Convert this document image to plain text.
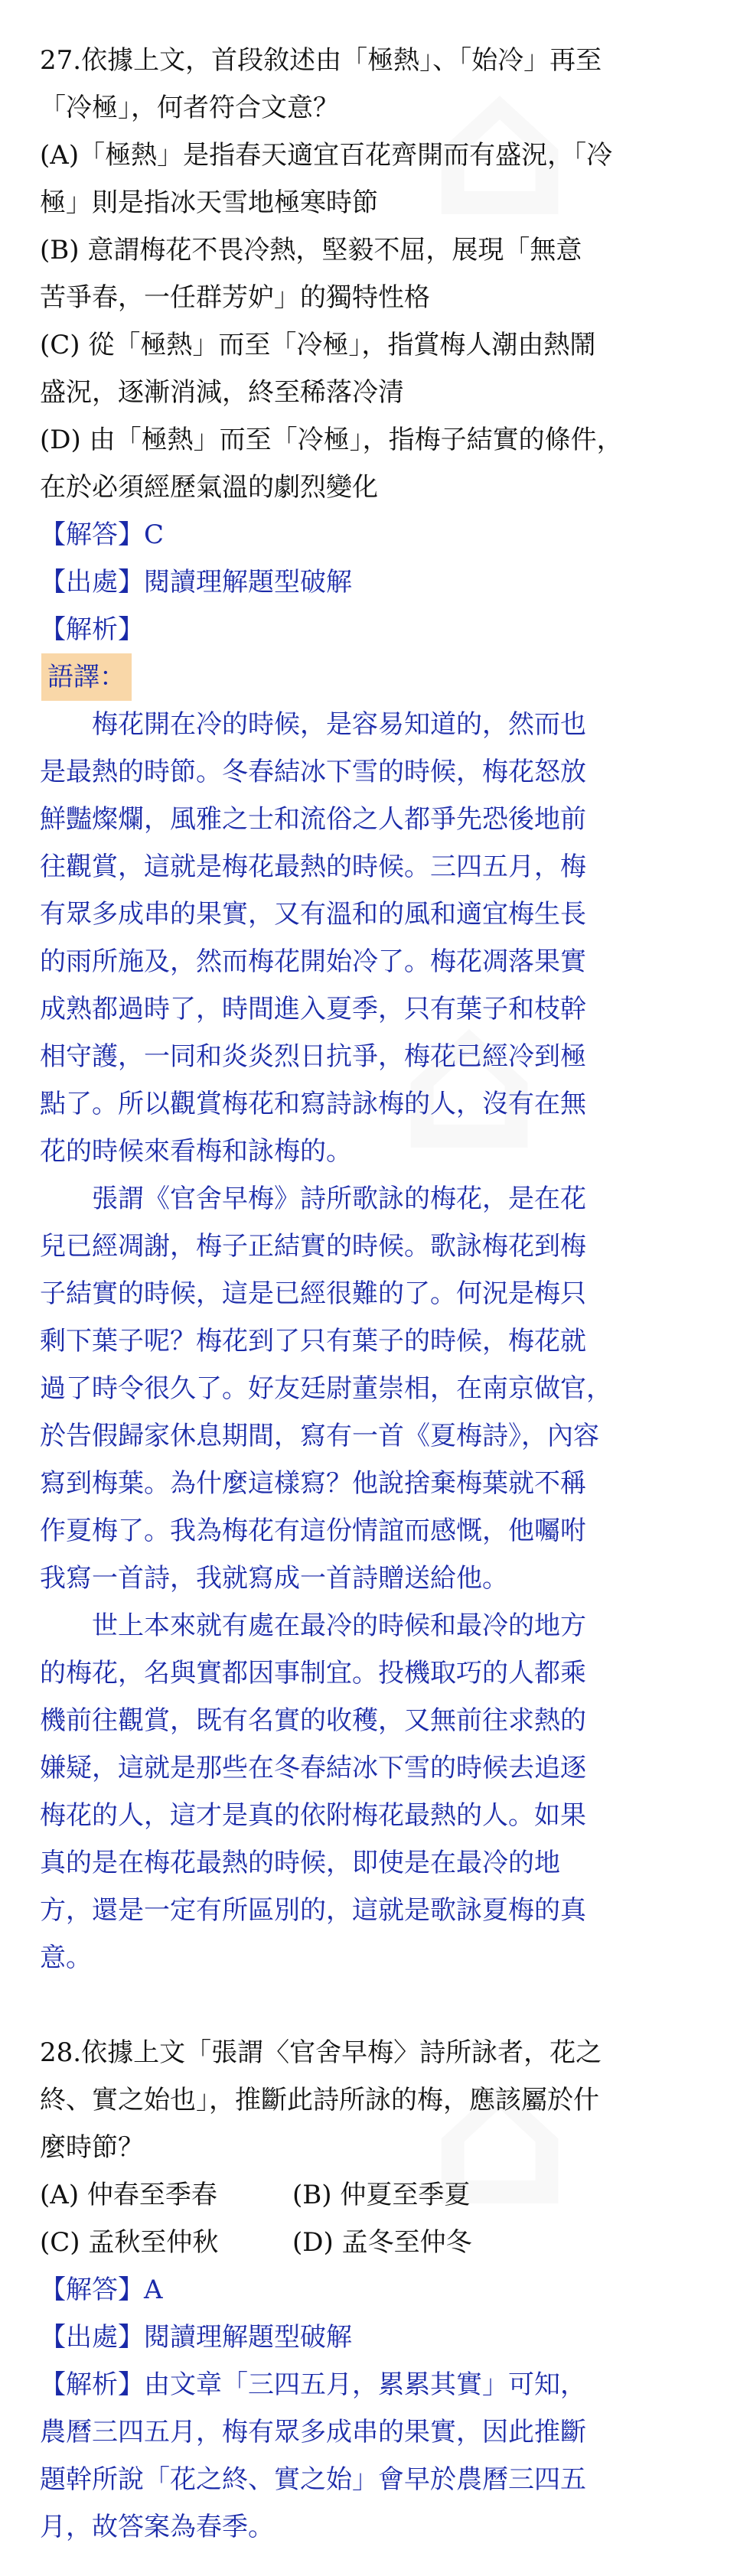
⌂
⌂
⌂

27.依據上文，首段敘述由「極熱」、「始冷」再至

「冷極」，何者符合文意？

(A)「極熱」是指春天適宜百花齊開而有盛況，「冷

極」則是指冰天雪地極寒時節

(B) 意謂梅花不畏冷熱，堅毅不屈，展現「無意

苦爭春，一任群芳妒」的獨特性格

(C) 從「極熱」而至「冷極」，指賞梅人潮由熱鬧

盛況，逐漸消減，終至稀落冷清

(D) 由「極熱」而至「冷極」，指梅子結實的條件，

在於必須經歷氣溫的劇烈變化

【解答】C

【出處】閱讀理解題型破解

【解析】

語譯：

梅花開在冷的時候，是容易知道的，然而也

是最熱的時節。冬春結冰下雪的時候，梅花怒放

鮮豔燦爛，風雅之士和流俗之人都爭先恐後地前

往觀賞，這就是梅花最熱的時候。三四五月，梅

有眾多成串的果實，又有溫和的風和適宜梅生長

的雨所施及，然而梅花開始冷了。梅花凋落果實

成熟都過時了，時間進入夏季，只有葉子和枝幹

相守護，一同和炎炎烈日抗爭，梅花已經冷到極

點了。所以觀賞梅花和寫詩詠梅的人，沒有在無

花的時候來看梅和詠梅的。

張謂《官舍早梅》詩所歌詠的梅花，是在花

兒已經凋謝，梅子正結實的時候。歌詠梅花到梅

子結實的時候，這是已經很難的了。何況是梅只

剩下葉子呢？梅花到了只有葉子的時候，梅花就

過了時令很久了。好友廷尉董崇相，在南京做官，

於告假歸家休息期間，寫有一首《夏梅詩》，內容

寫到梅葉。為什麼這樣寫？他說捨棄梅葉就不稱

作夏梅了。我為梅花有這份情誼而感慨，他囑咐

我寫一首詩，我就寫成一首詩贈送給他。

世上本來就有處在最冷的時候和最冷的地方

的梅花，名與實都因事制宜。投機取巧的人都乘

機前往觀賞，既有名實的收穫，又無前往求熱的

嫌疑，這就是那些在冬春結冰下雪的時候去追逐

梅花的人，這才是真的依附梅花最熱的人。如果

真的是在梅花最熱的時候，即使是在最冷的地

方，還是一定有所區別的，這就是歌詠夏梅的真

意。

28.依據上文「張謂〈官舍早梅〉詩所詠者，花之

終、實之始也」，推斷此詩所詠的梅，應該屬於什

麼時節？

(A) 仲春至季春	(B) 仲夏至季夏

(C) 孟秋至仲秋	(D) 孟冬至仲冬

【解答】A

【出處】閱讀理解題型破解

【解析】由文章「三四五月，累累其實」可知，

農曆三四五月，梅有眾多成串的果實，因此推斷

題幹所說「花之終、實之始」會早於農曆三四五

月，故答案為春季。
